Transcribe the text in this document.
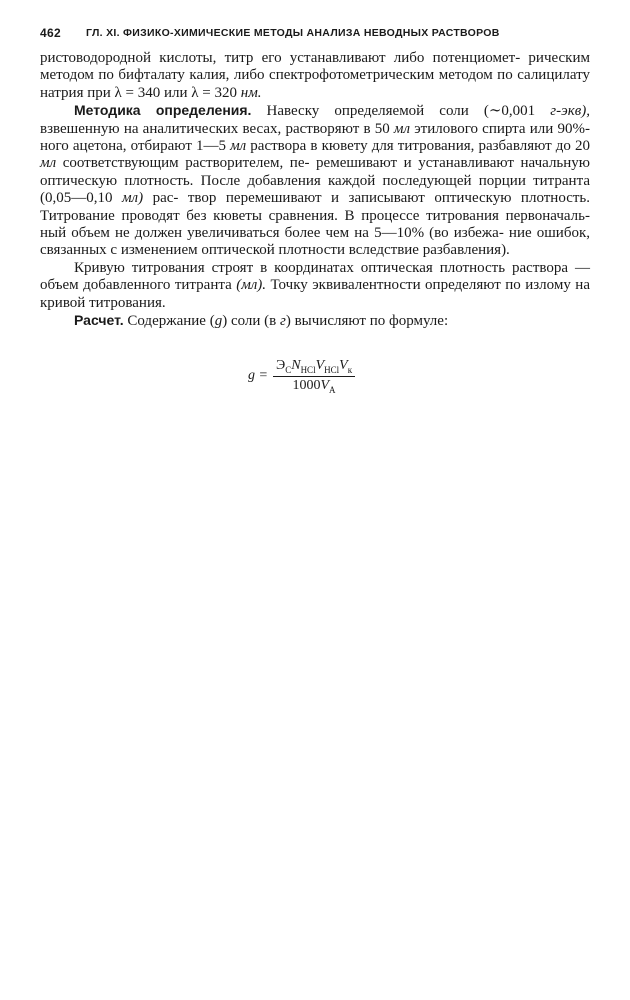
462 ГЛ. XI. ФИЗИКО-ХИМИЧЕСКИЕ МЕТОДЫ АНАЛИЗА НЕВОДНЫХ РАСТВОРОВ

ристоводородной кислоты, титр его устанавливают либо потенциомет- рическим методом по бифталату калия, либо спектрофотометрическим методом по салицилату натрия при λ = 340 или λ = 320 нм.

Методика определения. Навеску определяемой соли (∼0,001 г-экв), взвешенную на аналитических весах, растворяют в 50 мл этилового спирта или 90%-ного ацетона, отбирают 1—5 мл раствора в кювету для титрования, разбавляют до 20 мл соответствующим растворителем, пе- ремешивают и устанавливают начальную оптическую плотность. После добавления каждой последующей порции титранта (0,05—0,10 мл) рас- твор перемешивают и записывают оптическую плотность. Титрование проводят без кюветы сравнения. В процессе титрования первоначаль- ный объем не должен увеличиваться более чем на 5—10% (во избежа- ние ошибок, связанных с изменением оптической плотности вследствие разбавления).

Кривую титрования строят в координатах оптическая плотность раствора — объем добавленного титранта (мл). Точку эквивалентности определяют по излому на кривой титрования.

Расчет. Содержание (g) соли (в г) вычисляют по формуле:

$g = \frac{Э_CN_{HCl}V_{HCl}V_к}{1000V_A}$
